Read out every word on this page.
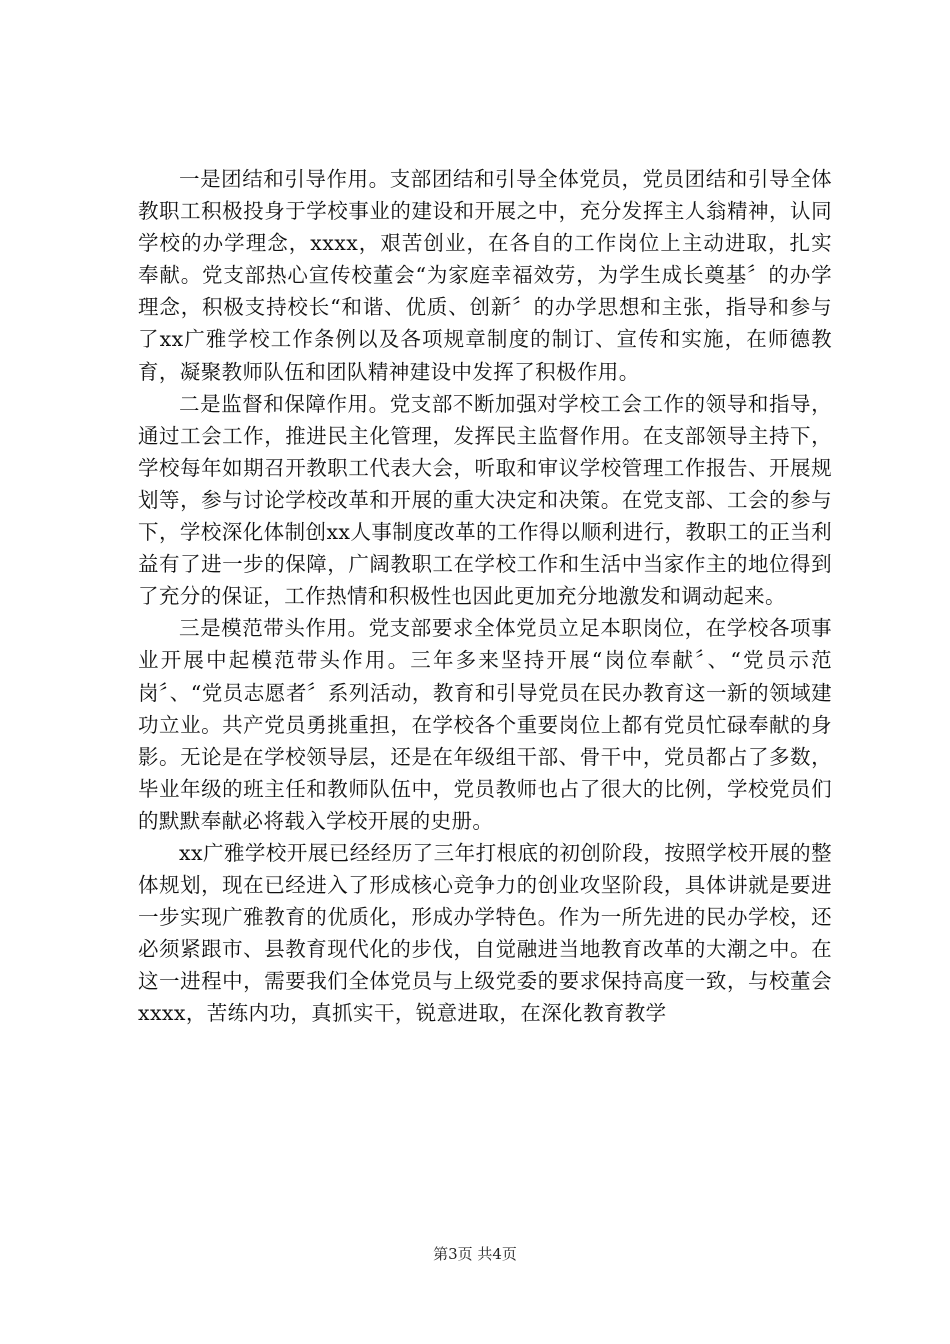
一是团结和引导作用。支部团结和引导全体党员，党员团结和引导全体教职工积极投身于学校事业的建设和开展之中，充分发挥主人翁精神，认同学校的办学理念，xxxx，艰苦创业，在各自的工作岗位上主动进取，扎实奉献。党支部热心宣传校董会“为家庭幸福效劳，为学生成长奠基〞的办学理念，积极支持校长“和谐、优质、创新〞的办学思想和主张，指导和参与了xx广雅学校工作条例以及各项规章制度的制订、宣传和实施，在师德教育，凝聚教师队伍和团队精神建设中发挥了积极作用。

二是监督和保障作用。党支部不断加强对学校工会工作的领导和指导，通过工会工作，推进民主化管理，发挥民主监督作用。在支部领导主持下，学校每年如期召开教职工代表大会，听取和审议学校管理工作报告、开展规划等，参与讨论学校改革和开展的重大决定和决策。在党支部、工会的参与下，学校深化体制创xx人事制度改革的工作得以顺利进行，教职工的正当利益有了进一步的保障，广阔教职工在学校工作和生活中当家作主的地位得到了充分的保证，工作热情和积极性也因此更加充分地激发和调动起来。

三是模范带头作用。党支部要求全体党员立足本职岗位，在学校各项事业开展中起模范带头作用。三年多来坚持开展“岗位奉献〞、“党员示范岗〞、“党员志愿者〞系列活动，教育和引导党员在民办教育这一新的领域建功立业。共产党员勇挑重担，在学校各个重要岗位上都有党员忙碌奉献的身影。无论是在学校领导层，还是在年级组干部、骨干中，党员都占了多数，毕业年级的班主任和教师队伍中，党员教师也占了很大的比例，学校党员们的默默奉献必将载入学校开展的史册。

xx广雅学校开展已经经历了三年打根底的初创阶段，按照学校开展的整体规划，现在已经进入了形成核心竞争力的创业攻坚阶段，具体讲就是要进一步实现广雅教育的优质化，形成办学特色。作为一所先进的民办学校，还必须紧跟市、县教育现代化的步伐，自觉融进当地教育改革的大潮之中。在这一进程中，需要我们全体党员与上级党委的要求保持高度一致，与校董会xxxx，苦练内功，真抓实干，锐意进取，在深化教育教学

第3页 共4页
